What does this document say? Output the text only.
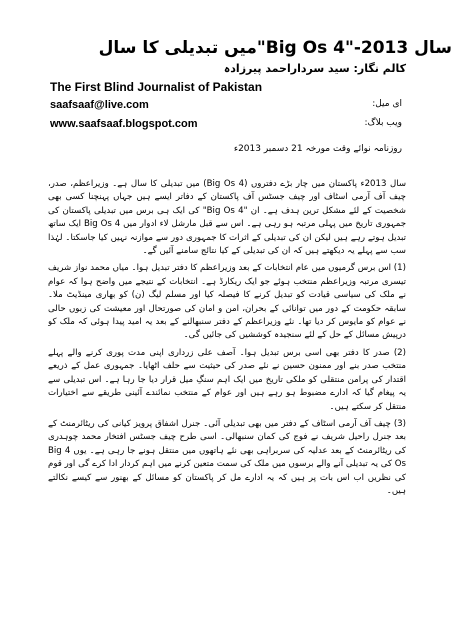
سال 2013-"4 Big Os"میں تبدیلی کا سال
کالم نگار: سید سرداراحمد پیرزادہ
The First Blind Journalist of Pakistan
saafsaaf@live.com	ای میل:
www.saafsaaf.blogspot.com	ویب بلاگ:
روزنامہ نوائے وقت مورخہ 21 دسمبر 2013ء

سال 2013ء پاکستان میں چار بڑے دفتروں (4 Big Os) میں تبدیلی کا سال ہے۔ وزیراعظم، صدر، چیف آف آرمی اسٹاف اور چیف جسٹس آف پاکستان کے دفاتر ایسے ہیں جہاں پہنچنا کسی بھی شخصیت کے لئے مشکل ترین ہدف ہے۔ ان "4 Big Os" کی ایک ہی برس میں تبدیلی پاکستان کی جمہوری تاریخ میں پہلی مرتبہ ہو رہی ہے۔ اس سے قبل مارشل لاء ادوار میں 4 Big Os ایک ساتھ تبدیل ہوتے رہے ہیں لیکن ان کی تبدیلی کے اثرات کا جمہوری دور سے موازنہ نہیں کیا جاسکتا۔ لہٰذا سب سے پہلے یہ دیکھتے ہیں کہ ان کی تبدیلی کے کیا نتائج سامنے آئیں گے۔

(1) اس برس گرمیوں میں عام انتخابات کے بعد وزیراعظم کا دفتر تبدیل ہوا۔ میاں محمد نواز شریف تیسری مرتبہ وزیراعظم منتخب ہوئے جو ایک ریکارڈ ہے۔ انتخابات کے نتیجے میں واضح ہوا کہ عوام نے ملک کی سیاسی قیادت کو تبدیل کرنے کا فیصلہ کیا اور مسلم لیگ (ن) کو بھاری مینڈیٹ ملا۔ سابقہ حکومت کے دور میں توانائی کے بحران، امن و امان کی صورتحال اور معیشت کی زبوں حالی نے عوام کو مایوس کر دیا تھا۔ نئے وزیراعظم کے دفتر سنبھالنے کے بعد یہ امید پیدا ہوئی کہ ملک کو درپیش مسائل کے حل کے لئے سنجیدہ کوششیں کی جائیں گی۔

(2) صدر کا دفتر بھی اسی برس تبدیل ہوا۔ آصف علی زرداری اپنی مدت پوری کرنے والے پہلے منتخب صدر بنے اور ممنون حسین نے نئے صدر کی حیثیت سے حلف اٹھایا۔ جمہوری عمل کے ذریعے اقتدار کی پرامن منتقلی کو ملکی تاریخ میں ایک اہم سنگِ میل قرار دیا جا رہا ہے۔ اس تبدیلی سے یہ پیغام گیا کہ ادارے مضبوط ہو رہے ہیں اور عوام کے منتخب نمائندے آئینی طریقے سے اختیارات منتقل کر سکتے ہیں۔

(3) چیف آف آرمی اسٹاف کے دفتر میں بھی تبدیلی آئی۔ جنرل اشفاق پرویز کیانی کی ریٹائرمنٹ کے بعد جنرل راحیل شریف نے فوج کی کمان سنبھالی۔ اسی طرح چیف جسٹس افتخار محمد چوہدری کی ریٹائرمنٹ کے بعد عدلیہ کی سربراہی بھی نئے ہاتھوں میں منتقل ہونے جا رہی ہے۔ یوں 4 Big Os کی یہ تبدیلی آنے والے برسوں میں ملک کی سمت متعین کرنے میں اہم کردار ادا کرے گی اور قوم کی نظریں اب اس بات پر ہیں کہ یہ ادارے مل کر پاکستان کو مسائل کے بھنور سے کیسے نکالتے ہیں۔
